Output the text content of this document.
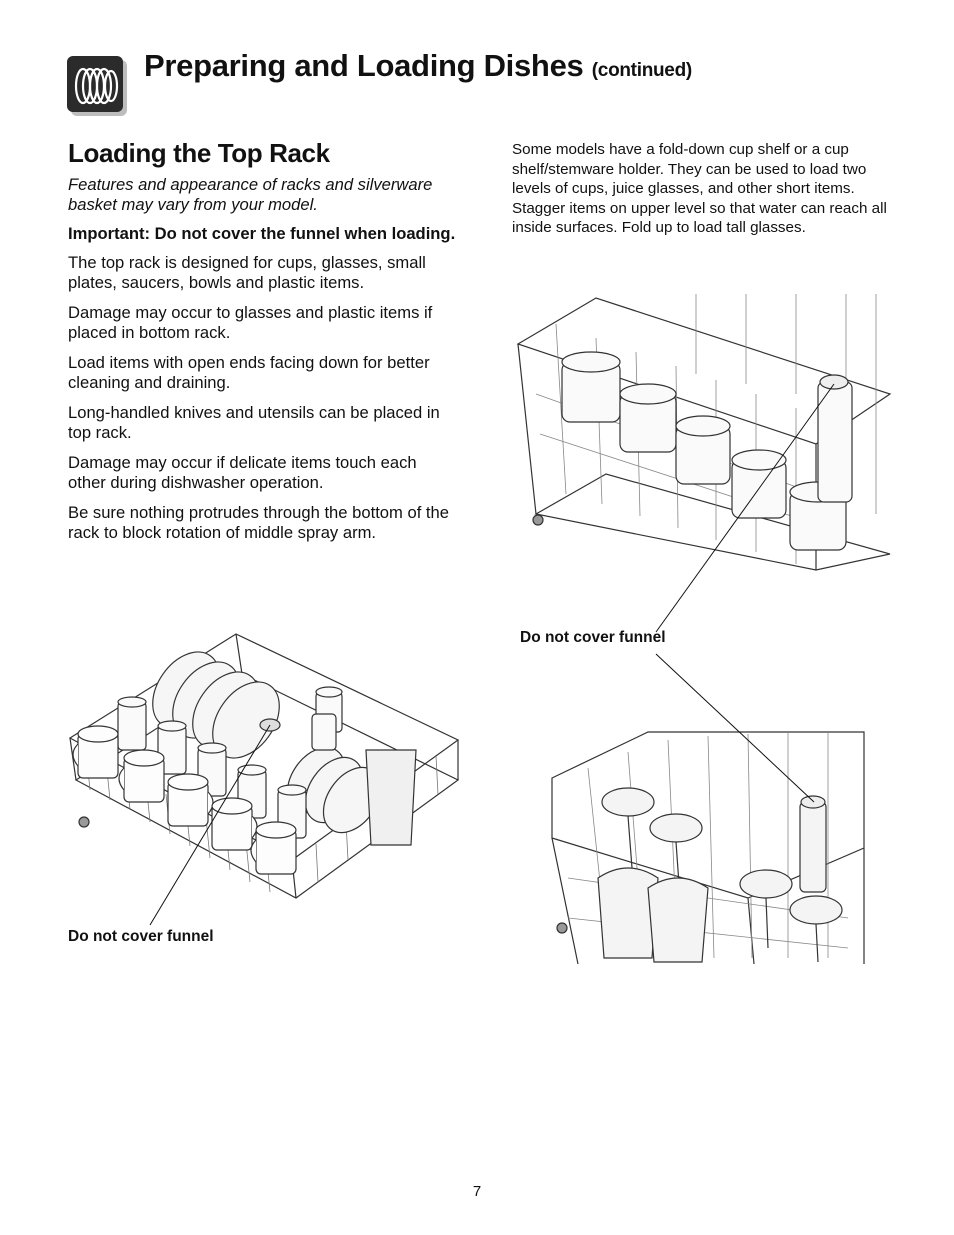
Preparing and Loading Dishes (continued)
Loading the Top Rack

Features and appearance of racks and silverware basket may vary from your model.

Important: Do not cover the funnel when loading.

The top rack is designed for cups, glasses, small plates, saucers, bowls and plastic items.

Damage may occur to glasses and plastic items if placed in bottom rack.

Load items with open ends facing down for better cleaning and draining.

Long-handled knives and utensils can be placed in top rack.

Damage may occur if delicate items touch each other during dishwasher operation.

Be sure nothing protrudes through the bottom of the rack to block rotation of middle spray arm.

Some models have a fold-down cup shelf or a cup shelf/stemware holder. They can be used to load two levels of cups, juice glasses, and other short items. Stagger items on upper level so that water can reach all inside surfaces. Fold up to load tall glasses.

Do not cover funnel
Do not cover funnel
7
